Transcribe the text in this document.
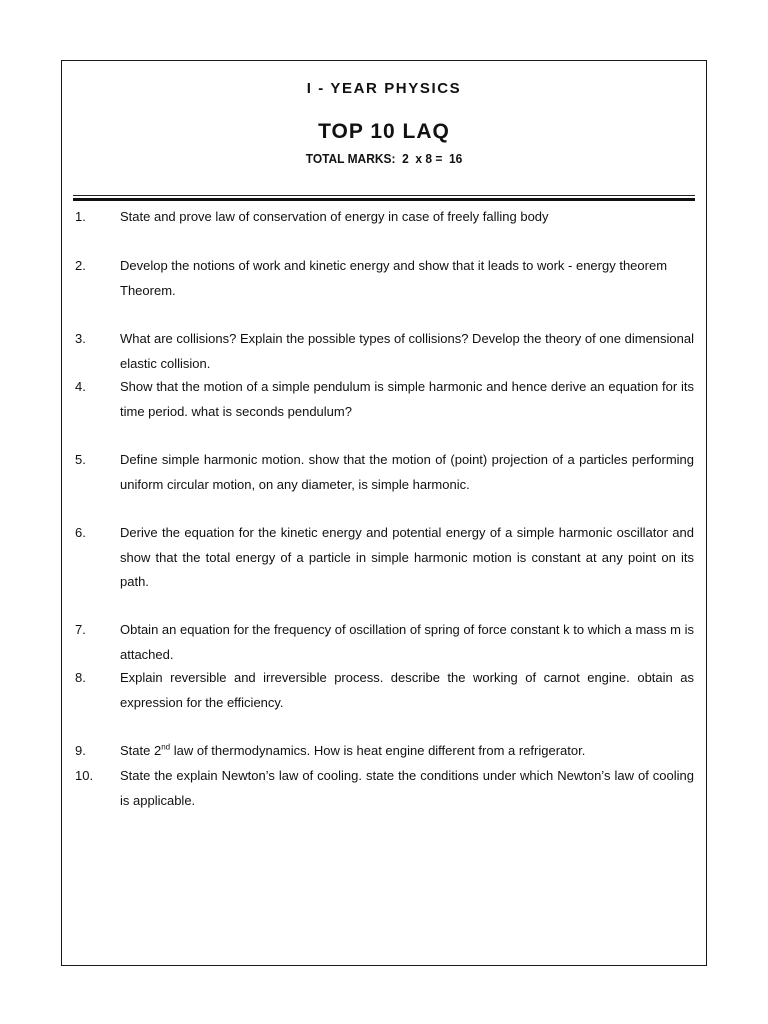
I - YEAR PHYSICS
TOP 10 LAQ
TOTAL MARKS:  2  x 8 =  16
1.	State and prove law of conservation of energy in case of freely falling body
2.	Develop the notions of work and kinetic energy and show that it leads to work - energy theorem Theorem.
3.	What are collisions? Explain the possible types of collisions? Develop the theory of one dimensional elastic collision.
4.	Show that the motion of a simple pendulum is simple harmonic and hence derive an equation for its time period. what is seconds pendulum?
5.	Define simple harmonic motion. show that the motion of (point) projection of a particles performing uniform circular motion, on any diameter, is simple harmonic.
6.	Derive the equation for the kinetic energy and potential energy of a simple harmonic oscillator and show that the total energy of a particle in simple harmonic motion is constant at any point on its path.
7.	Obtain an equation for the frequency of oscillation of spring of force constant k to which a mass m is attached.
8.	Explain reversible and irreversible process. describe the working of carnot engine. obtain as expression for the efficiency.
9.	State 2nd law of thermodynamics. How is heat engine different from a refrigerator.
10. State the explain Newton’s law of cooling. state the conditions under which Newton’s law of cooling is applicable.
